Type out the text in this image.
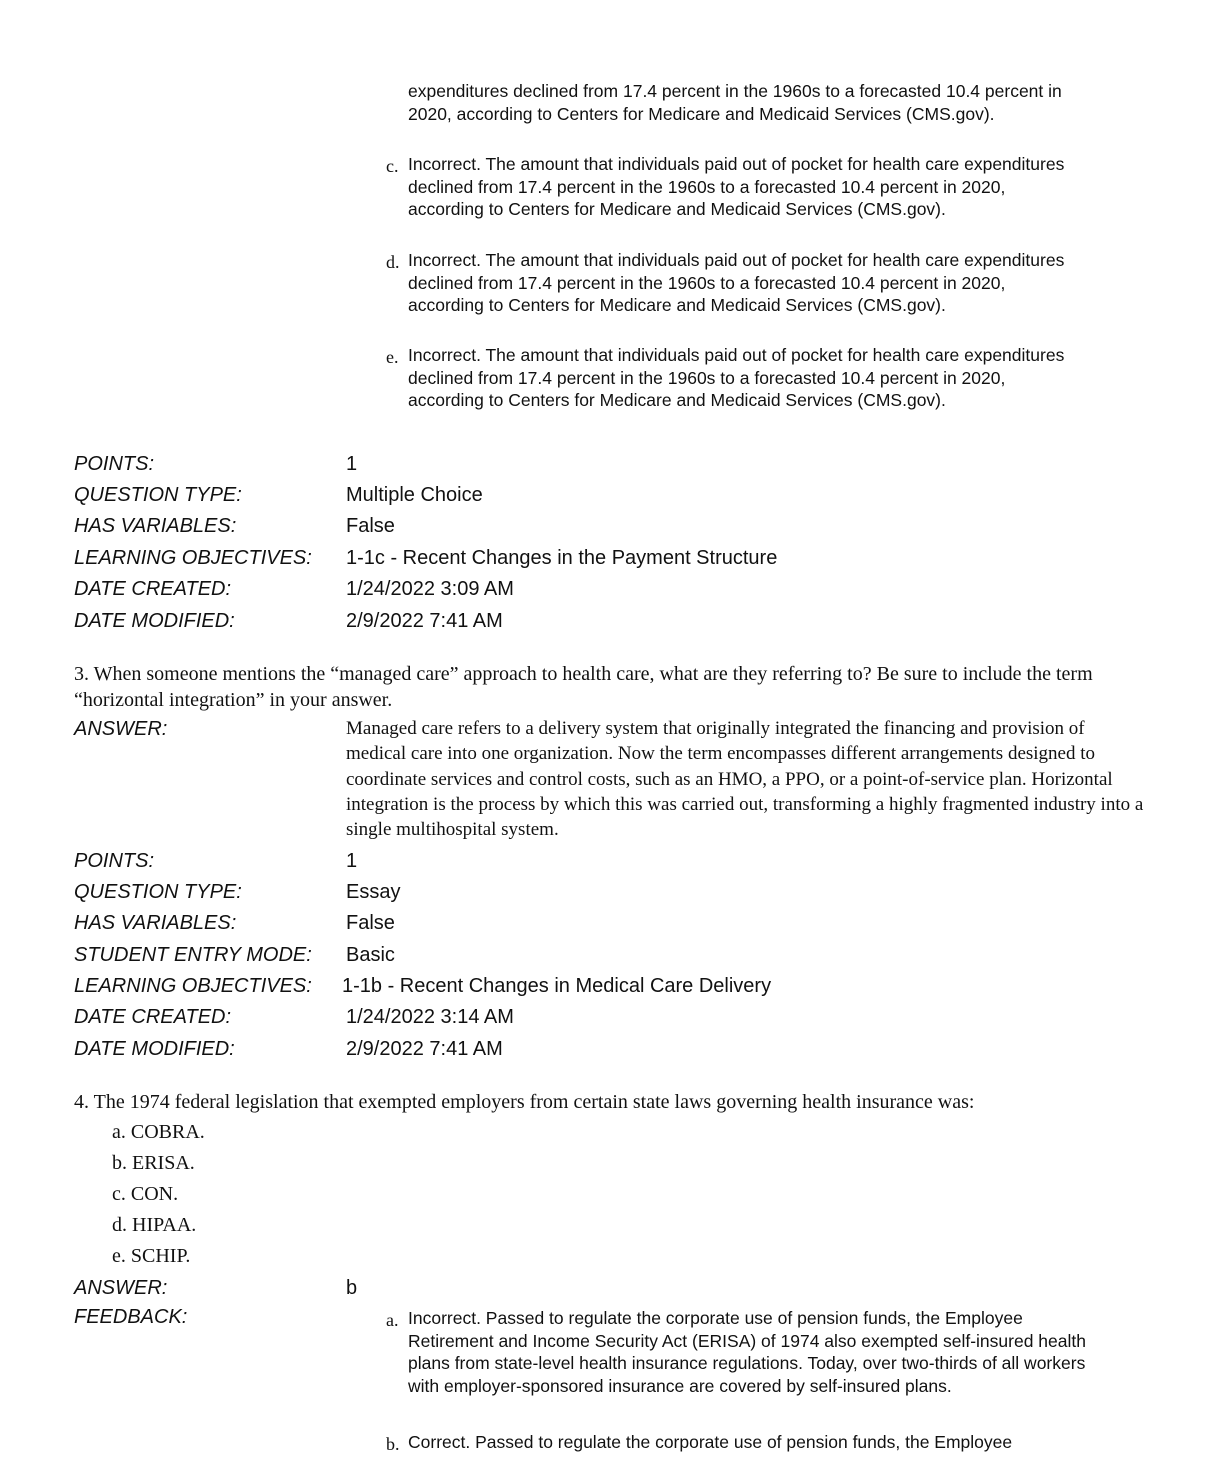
expenditures declined from 17.4 percent in the 1960s to a forecasted 10.4 percent in 2020, according to Centers for Medicare and Medicaid Services (CMS.gov).
c. Incorrect. The amount that individuals paid out of pocket for health care expenditures declined from 17.4 percent in the 1960s to a forecasted 10.4 percent in 2020, according to Centers for Medicare and Medicaid Services (CMS.gov).
d. Incorrect. The amount that individuals paid out of pocket for health care expenditures declined from 17.4 percent in the 1960s to a forecasted 10.4 percent in 2020, according to Centers for Medicare and Medicaid Services (CMS.gov).
e. Incorrect. The amount that individuals paid out of pocket for health care expenditures declined from 17.4 percent in the 1960s to a forecasted 10.4 percent in 2020, according to Centers for Medicare and Medicaid Services (CMS.gov).
POINTS:	1
QUESTION TYPE:	Multiple Choice
HAS VARIABLES:	False
LEARNING OBJECTIVES: 1-1c - Recent Changes in the Payment Structure
DATE CREATED:	1/24/2022 3:09 AM
DATE MODIFIED:	2/9/2022 7:41 AM
3. When someone mentions the “managed care” approach to health care, what are they referring to? Be sure to include the term “horizontal integration” in your answer.
ANSWER:	Managed care refers to a delivery system that originally integrated the financing and provision of medical care into one organization. Now the term encompasses different arrangements designed to coordinate services and control costs, such as an HMO, a PPO, or a point-of-service plan. Horizontal integration is the process by which this was carried out, transforming a highly fragmented industry into a single multihospital system.
POINTS:	1
QUESTION TYPE:	Essay
HAS VARIABLES:	False
STUDENT ENTRY MODE: Basic
LEARNING OBJECTIVES: 1-1b - Recent Changes in Medical Care Delivery
DATE CREATED:	1/24/2022 3:14 AM
DATE MODIFIED:	2/9/2022 7:41 AM
4. The 1974 federal legislation that exempted employers from certain state laws governing health insurance was:
a. COBRA.
b. ERISA.
c. CON.
d. HIPAA.
e. SCHIP.
ANSWER:	b
FEEDBACK:	a. Incorrect. Passed to regulate the corporate use of pension funds, the Employee Retirement and Income Security Act (ERISA) of 1974 also exempted self-insured health plans from state-level health insurance regulations. Today, over two-thirds of all workers with employer-sponsored insurance are covered by self-insured plans.
b. Correct. Passed to regulate the corporate use of pension funds, the Employee
